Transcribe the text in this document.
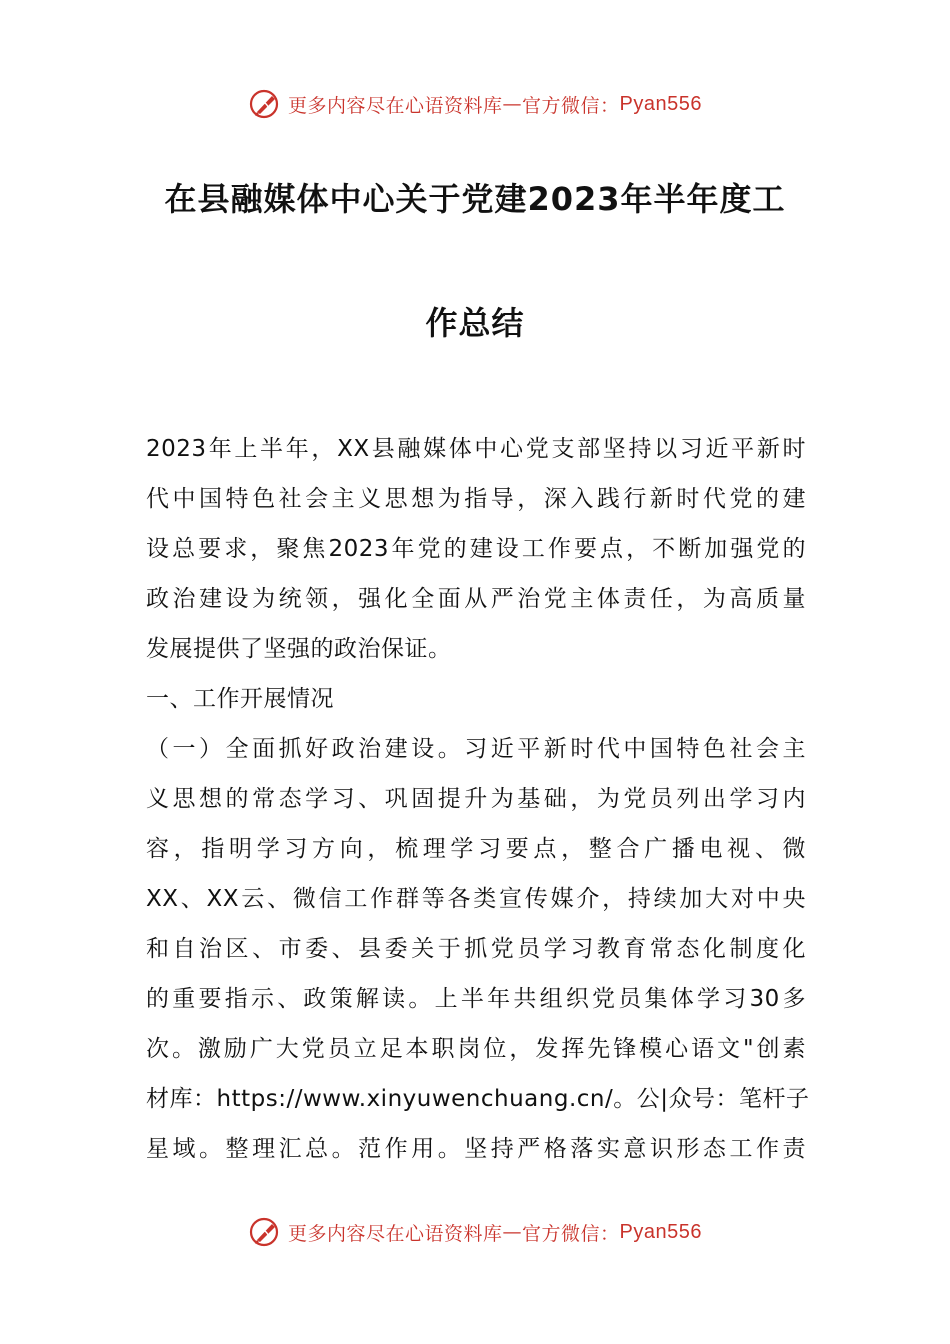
更多内容尽在心语资料库 — 官方微信： Pyan556
在县融媒体中心关于党建2023年半年度工
作总结
2023年上半年，XX县融媒体中心党支部坚持以习近平新时
代中国特色社会主义思想为指导，深入践行新时代党的建
设总要求，聚焦2023年党的建设工作要点，不断加强党的
政治建设为统领，强化全面从严治党主体责任，为高质量
发展提供了坚强的政治保证。
一、工作开展情况
（一）全面抓好政治建设。习近平新时代中国特色社会主
义思想的常态学习、巩固提升为基础，为党员列出学习内
容，指明学习方向，梳理学习要点，整合广播电视、微
XX、XX云、微信工作群等各类宣传媒介，持续加大对中央
和自治区、市委、县委关于抓党员学习教育常态化制度化
的重要指示、政策解读。上半年共组织党员集体学习30多
次。激励广大党员立足本职岗位，发挥先锋模心语文"创素
材库：https://www.xinyuwenchuang.cn/。公|众号：笔杆子
星域。整理汇总。范作用。坚持严格落实意识形态工作责
更多内容尽在心语资料库 — 官方微信： Pyan556
